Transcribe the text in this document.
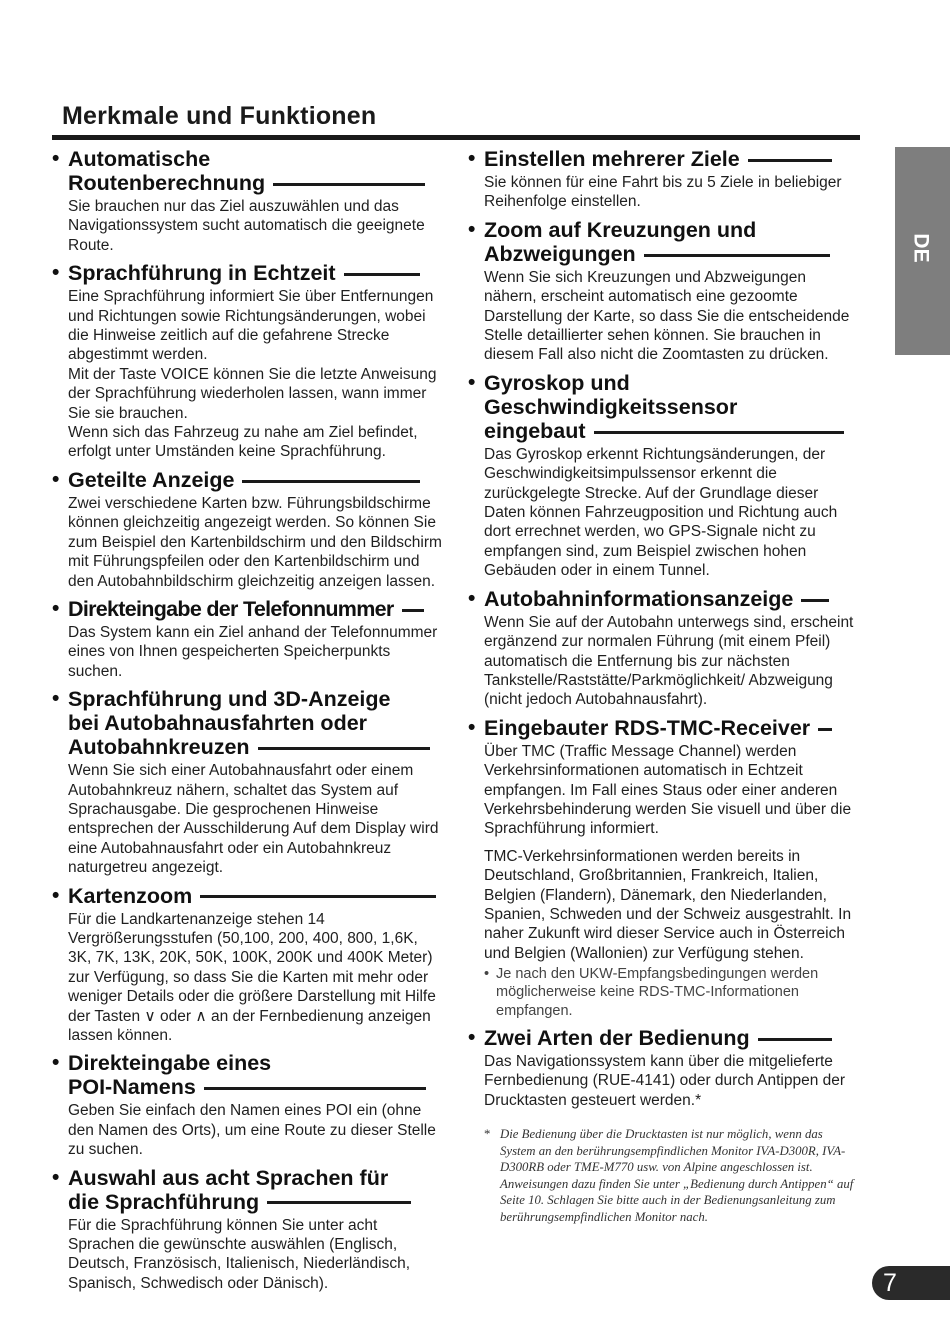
Merkmale und Funktionen
• Automatische
Routenberechnung

Sie brauchen nur das Ziel auszuwählen und das Navigationssystem sucht automatisch die geeignete Route.

• Sprachführung in Echtzeit

Eine Sprachführung informiert Sie über Entfernungen und Richtungen sowie Richtungsänderungen, wobei die Hinweise zeitlich auf die gefahrene Strecke abgestimmt werden.

Mit der Taste VOICE können Sie die letzte Anweisung der Sprachführung wiederholen lassen, wann immer Sie sie brauchen.

Wenn sich das Fahrzeug zu nahe am Ziel befindet, erfolgt unter Umständen keine Sprachführung.

• Geteilte Anzeige

Zwei verschiedene Karten bzw. Führungsbildschirme können gleichzeitig angezeigt werden. So können Sie zum Beispiel den Kartenbildschirm und den Bildschirm mit Führungspfeilen oder den Kartenbildschirm und den Autobahnbildschirm gleichzeitig anzeigen lassen.

• Direkteingabe der Telefonnummer

Das System kann ein Ziel anhand der Telefonnummer eines von Ihnen gespeicherten Speicherpunkts suchen.

• Sprachführung und 3D-Anzeige
bei Autobahnausfahrten oder
Autobahnkreuzen

Wenn Sie sich einer Autobahnausfahrt oder einem Autobahnkreuz nähern, schaltet das System auf Sprachausgabe. Die gesprochenen Hinweise entsprechen der Ausschilderung Auf dem Display wird eine Autobahnausfahrt oder ein Autobahnkreuz naturgetreu angezeigt.

• Kartenzoom

Für die Landkartenanzeige stehen 14 Vergrößerungsstufen (50,100, 200, 400, 800, 1,6K, 3K, 7K, 13K, 20K, 50K, 100K, 200K und 400K Meter) zur Verfügung, so dass Sie die Karten mit mehr oder weniger Details oder die größere Darstellung mit Hilfe der Tasten ∨ oder ∧ an der Fernbedienung anzeigen lassen können.

• Direkteingabe eines
POI-Namens

Geben Sie einfach den Namen eines POI ein (ohne den Namen des Orts), um eine Route zu dieser Stelle zu suchen.

• Auswahl aus acht Sprachen für
die Sprachführung

Für die Sprachführung können Sie unter acht Sprachen die gewünschte auswählen (Englisch, Deutsch, Französisch, Italienisch, Niederländisch, Spanisch, Schwedisch oder Dänisch).

• Einstellen mehrerer Ziele

Sie können für eine Fahrt bis zu 5 Ziele in beliebiger Reihenfolge einstellen.

• Zoom auf Kreuzungen und
Abzweigungen

Wenn Sie sich Kreuzungen und Abzweigungen nähern, erscheint automatisch eine gezoomte Darstellung der Karte, so dass Sie die entscheidende Stelle detaillierter sehen können. Sie brauchen in diesem Fall also nicht die Zoomtasten zu drücken.

• Gyroskop und
Geschwindigkeitssensor
eingebaut

Das Gyroskop erkennt Richtungsänderungen, der Geschwindigkeitsimpulssensor erkennt die zurückgelegte Strecke. Auf der Grundlage dieser Daten können Fahrzeugposition und Richtung auch dort errechnet werden, wo GPS-Signale nicht zu empfangen sind, zum Beispiel zwischen hohen Gebäuden oder in einem Tunnel.

• Autobahninformationsanzeige

Wenn Sie auf der Autobahn unterwegs sind, erscheint ergänzend zur normalen Führung (mit einem Pfeil) automatisch die Entfernung bis zur nächsten Tankstelle/Raststätte/Parkmöglichkeit/ Abzweigung (nicht jedoch Autobahnausfahrt).

• Eingebauter RDS-TMC-Receiver

Über TMC (Traffic Message Channel) werden Verkehrsinformationen automatisch in Echtzeit empfangen. Im Fall eines Staus oder einer anderen Verkehrsbehinderung werden Sie visuell und über die Sprachführung informiert.

TMC-Verkehrsinformationen werden bereits in Deutschland, Großbritannien, Frankreich, Italien, Belgien (Flandern), Dänemark, den Niederlanden, Spanien, Schweden und der Schweiz ausgestrahlt. In naher Zukunft wird dieser Service auch in Österreich und Belgien (Wallonien) zur Verfügung stehen.

• Je nach den UKW-Empfangsbedingungen werden möglicherweise keine RDS-TMC-Informationen empfangen.
• Zwei Arten der Bedienung

Das Navigationssystem kann über die mitgelieferte Fernbedienung (RUE-4141) oder durch Antippen der Drucktasten gesteuert werden.*

* Die Bedienung über die Drucktasten ist nur möglich, wenn das System an den berührungsempfindlichen Monitor IVA-D300R, IVA-D300RB oder TME-M770 usw. von Alpine angeschlossen ist. Anweisungen dazu finden Sie unter „Bedienung durch Antippen“ auf Seite 10. Schlagen Sie bitte auch in der Bedienungsanleitung zum berührungsempfindlichen Monitor nach.
DE
7
